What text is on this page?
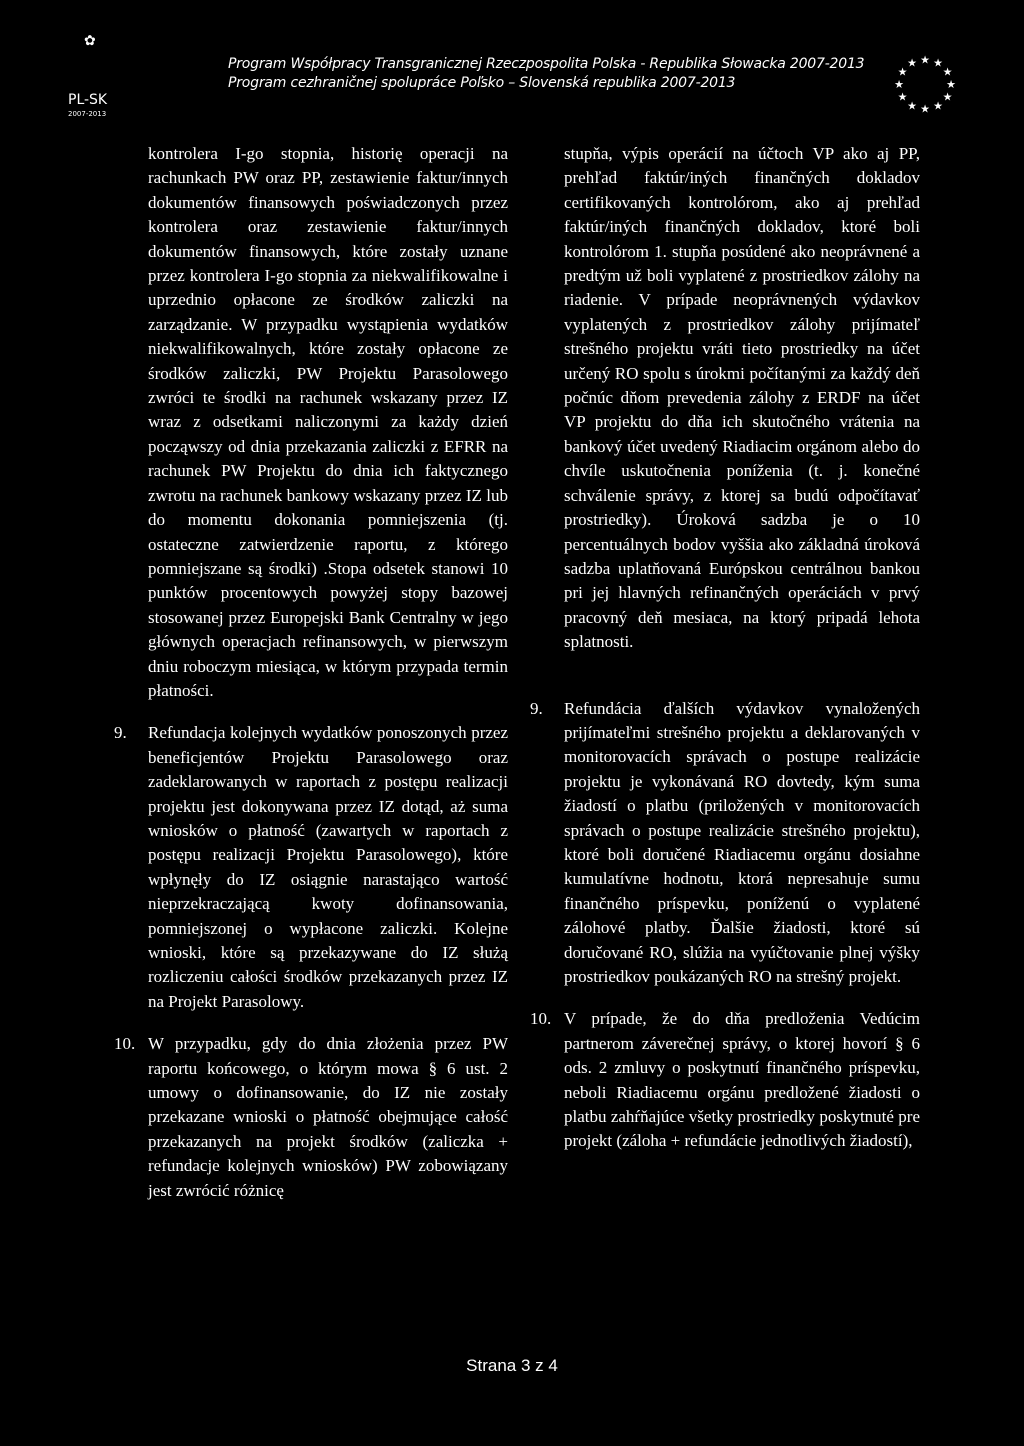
✿
PL-SK
2007-2013
Program Współpracy Transgranicznej Rzeczpospolita Polska - Republika Słowacka 2007-2013
Program cezhraničnej spolupráce Poľsko – Slovenská republika 2007-2013
★ ★
★
★
★
★
★
★
★
★
★
★

kontrolera I-go stopnia, historię operacji na rachunkach PW oraz PP, zestawienie faktur/innych dokumentów finansowych poświadczonych przez kontrolera oraz zestawienie faktur/innych dokumentów finansowych, które zostały uznane przez kontrolera I-go stopnia za niekwalifikowalne i uprzednio opłacone ze środków zaliczki na zarządzanie. W przypadku wystąpienia wydatków niekwalifikowalnych, które zostały opłacone ze środków zaliczki, PW Projektu Parasolowego zwróci te środki na rachunek wskazany przez IZ wraz z odsetkami naliczonymi za każdy dzień począwszy od dnia przekazania zaliczki z EFRR na rachunek PW Projektu do dnia ich faktycznego zwrotu na rachunek bankowy wskazany przez IZ lub do momentu dokonania pomniejszenia (tj. ostateczne zatwierdzenie raportu, z którego pomniejszane są środki) .Stopa odsetek stanowi 10 punktów procentowych powyżej stopy bazowej stosowanej przez Europejski Bank Centralny w jego głównych operacjach refinansowych, w pierwszym dniu roboczym miesiąca, w którym przypada termin płatności.

9. Refundacja kolejnych wydatków ponoszonych przez beneficjentów Projektu Parasolowego oraz zadeklarowanych w raportach z postępu realizacji projektu jest dokonywana przez IZ dotąd, aż suma wniosków o płatność (zawartych w raportach z postępu realizacji Projektu Parasolowego), które wpłynęły do IZ osiągnie narastająco wartość nieprzekraczającą kwoty dofinansowania, pomniejszonej o wypłacone zaliczki. Kolejne wnioski, które są przekazywane do IZ służą rozliczeniu całości środków przekazanych przez IZ na Projekt Parasolowy.

10. W przypadku, gdy do dnia złożenia przez PW raportu końcowego, o którym mowa § 6 ust. 2 umowy o dofinansowanie, do IZ nie zostały przekazane wnioski o płatność obejmujące całość przekazanych na projekt środków (zaliczka + refundacje kolejnych wniosków) PW zobowiązany jest zwrócić różnicę

stupňa, výpis operácií na účtoch VP ako aj PP, prehľad faktúr/iných finančných dokladov certifikovaných kontrolórom, ako aj prehľad faktúr/iných finančných dokladov, ktoré boli kontrolórom 1. stupňa posúdené ako neoprávnené a predtým už boli vyplatené z prostriedkov zálohy na riadenie. V prípade neoprávnených výdavkov vyplatených z prostriedkov zálohy prijímateľ strešného projektu vráti tieto prostriedky na účet určený RO spolu s úrokmi počítanými za každý deň počnúc dňom prevedenia zálohy z ERDF na účet VP projektu do dňa ich skutočného vrátenia na bankový účet uvedený Riadiacim orgánom alebo do chvíle uskutočnenia poníženia (t. j. konečné schválenie správy, z ktorej sa budú odpočítavať prostriedky). Úroková sadzba je o 10 percentuálnych bodov vyššia ako základná úroková sadzba uplatňovaná Európskou centrálnou bankou pri jej hlavných refinančných operáciách v prvý pracovný deň mesiaca, na ktorý pripadá lehota splatnosti.

9. Refundácia ďalších výdavkov vynaložených prijímateľmi strešného projektu a deklarovaných v monitorovacích správach o postupe realizácie projektu je vykonávaná RO dovtedy, kým suma žiadostí o platbu (priložených v monitorovacích správach o postupe realizácie strešného projektu), ktoré boli doručené Riadiacemu orgánu dosiahne kumulatívne hodnotu, ktorá nepresahuje sumu finančného príspevku, poníženú o vyplatené zálohové platby. Ďalšie žiadosti, ktoré sú doručované RO, slúžia na vyúčtovanie plnej výšky prostriedkov poukázaných RO na strešný projekt.

10. V prípade, že do dňa predloženia Vedúcim partnerom záverečnej správy, o ktorej hovorí § 6 ods. 2 zmluvy o poskytnutí finančného príspevku, neboli Riadiacemu orgánu predložené žiadosti o platbu zahŕňajúce všetky prostriedky poskytnuté pre projekt (záloha + refundácie jednotlivých žiadostí),

Strana 3 z 4
